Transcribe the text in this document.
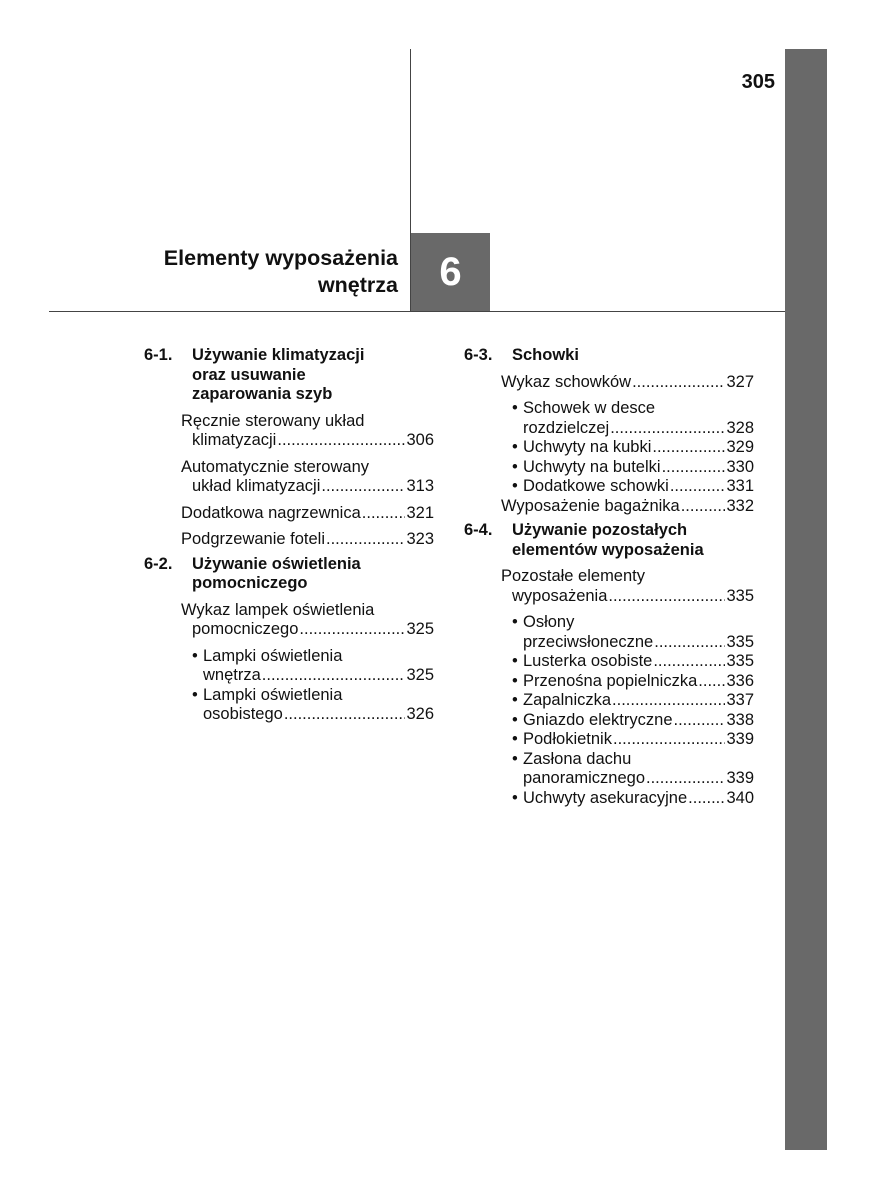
305
Elementy wyposażenia
wnętrza	6
6-1.	Używanie klimatyzacji
oraz usuwanie
zaparowania szyb
Ręcznie sterowany układ
klimatyzacji .....	306
Automatycznie sterowany
układ klimatyzacji .....	313
Dodatkowa nagrzewnica .....	321
Podgrzewanie foteli .....	323
6-2.	Używanie oświetlenia
pomocniczego
Wykaz lampek oświetlenia
pomocniczego .....	325
• Lampki oświetlenia
wnętrza .....	325
• Lampki oświetlenia
osobistego .....	326
6-3.	Schowki
Wykaz schowków .....	327
• Schowek w desce
rozdzielczej .....	328
• Uchwyty na kubki .....	329
• Uchwyty na butelki .....	330
• Dodatkowe schowki .....	331
Wyposażenie bagażnika .....	332
6-4.	Używanie pozostałych
elementów wyposażenia
Pozostałe elementy
wyposażenia .....	335
• Osłony
przeciwsłoneczne .....	335
• Lusterka osobiste .....	335
• Przenośna popielniczka ..... 336
• Zapalniczka .....	337
• Gniazdo elektryczne .....	338
• Podłokietnik .....	339
• Zasłona dachu
panoramicznego .....	339
• Uchwyty asekuracyjne ..... 340
